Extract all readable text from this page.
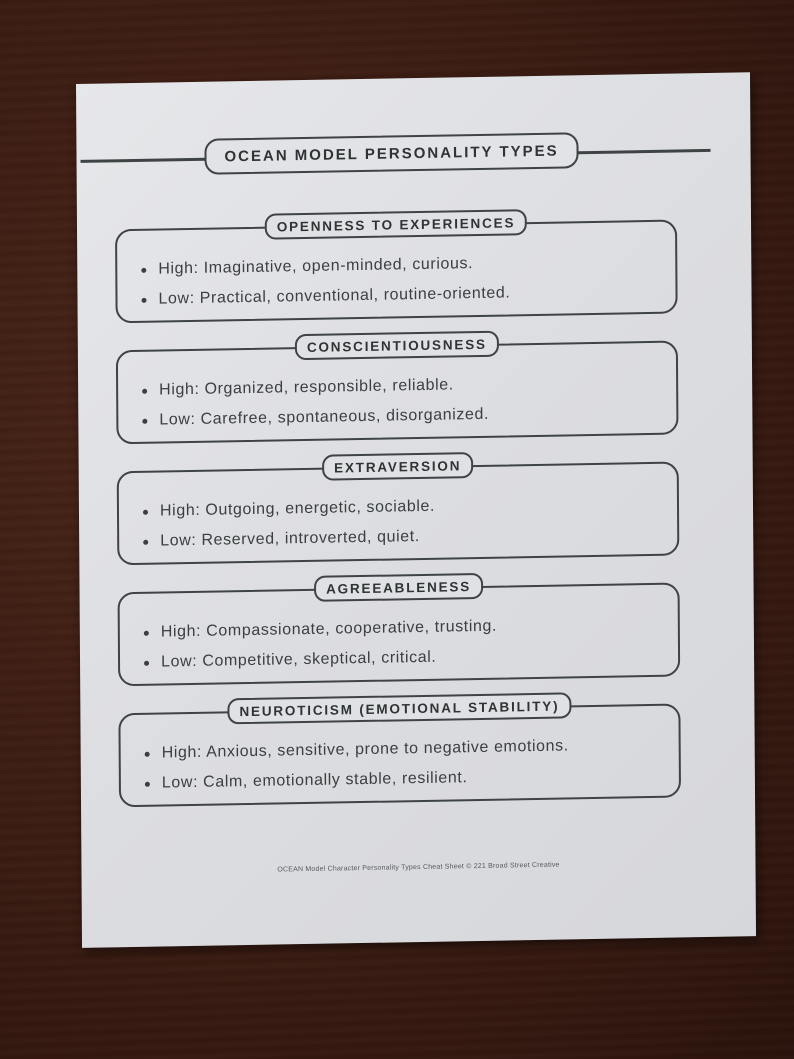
OCEAN MODEL PERSONALITY TYPES
OPENNESS TO EXPERIENCES
High: Imaginative, open-minded, curious.
Low: Practical, conventional, routine-oriented.
CONSCIENTIOUSNESS
High: Organized, responsible, reliable.
Low: Carefree, spontaneous, disorganized.
EXTRAVERSION
High: Outgoing, energetic, sociable.
Low: Reserved, introverted, quiet.
AGREEABLENESS
High: Compassionate, cooperative, trusting.
Low: Competitive, skeptical, critical.
NEUROTICISM (EMOTIONAL STABILITY)
High: Anxious, sensitive, prone to negative emotions.
Low: Calm, emotionally stable, resilient.
OCEAN Model Character Personality Types Cheat Sheet © 221 Broad Street Creative
